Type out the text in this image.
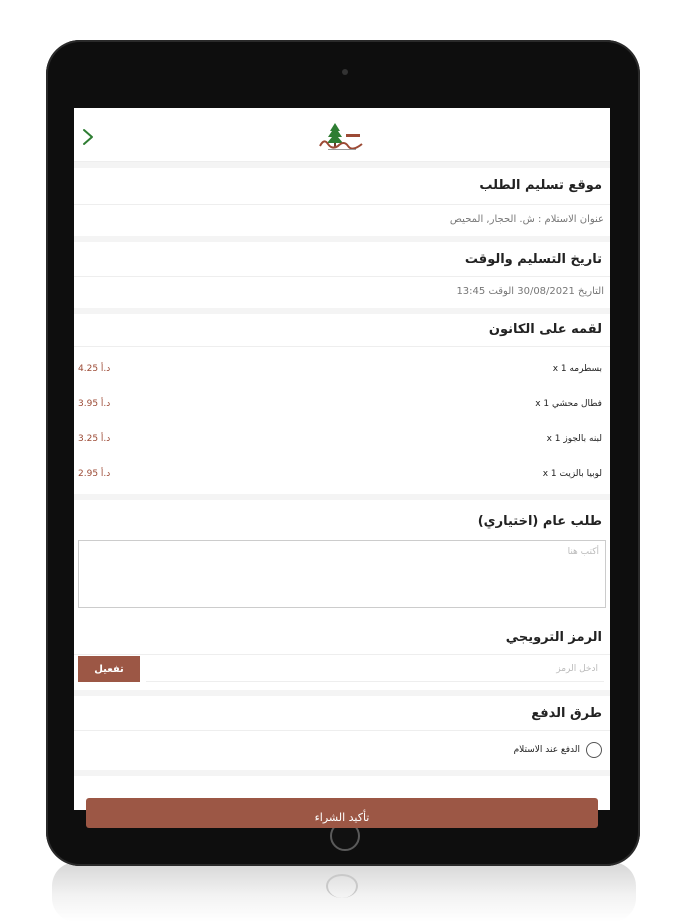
موقع تسليم الطلب
عنوان الاستلام : ش. الحجار, المحيص
تاريخ التسليم والوقت
التاريخ 30/08/2021 الوقت 13:45
لقمه على الكانون
بسطرمه x 1
4.25 د.أ
فطال محشي x 1
3.95 د.أ
لبنه بالجوز x 1
3.25 د.أ
لوبيا بالزيت x 1
2.95 د.أ
طلب عام (اختياري)
أكتب هنا
الرمز الترويجي
أدخل الرمز
تفعيل
طرق الدفع
الدفع عند الاستلام
تأكيد الشراء
